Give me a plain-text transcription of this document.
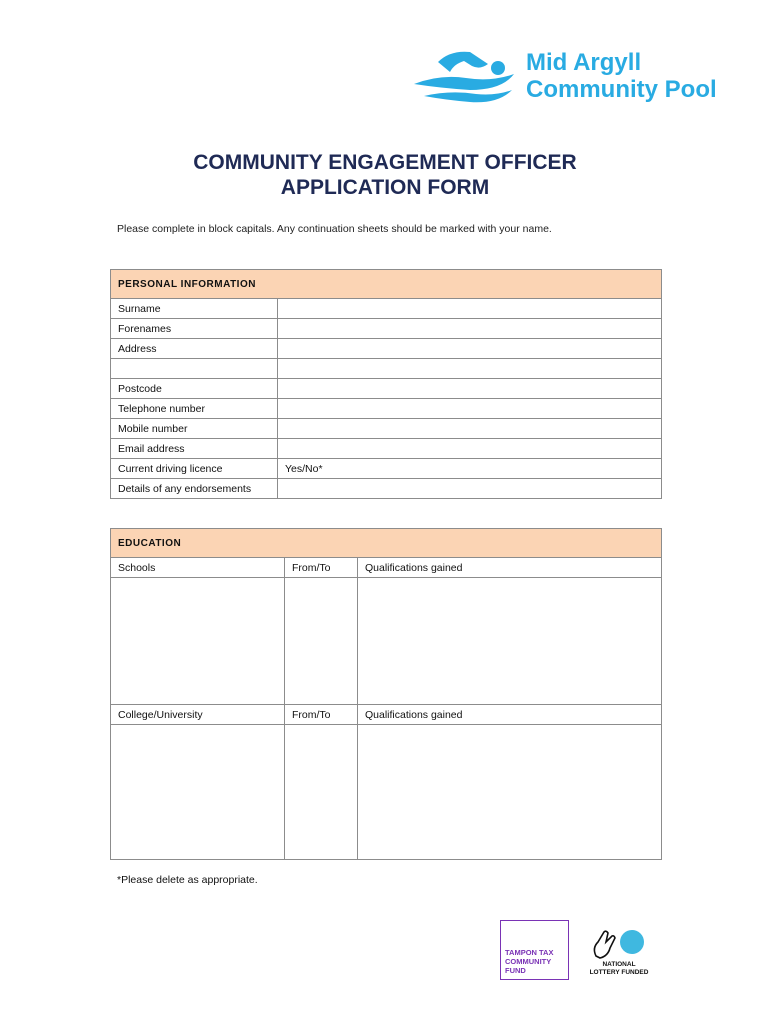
Mid Argyll
Community Pool
COMMUNITY ENGAGEMENT OFFICER
APPLICATION FORM
Please complete in block capitals. Any continuation sheets should be marked with your name.
PERSONAL INFORMATION	
Surname	
Forenames	
Address	

Postcode	
Telephone number	
Mobile number	
Email address	
Current driving licence	Yes/No*
Details of any endorsements	
EDUCATION		
Schools	From/To	Qualifications gained

College/University	From/To	Qualifications gained

*Please delete as appropriate.
TAMPON TAX
COMMUNITY
FUND
NATIONAL
LOTTERY FUNDED
